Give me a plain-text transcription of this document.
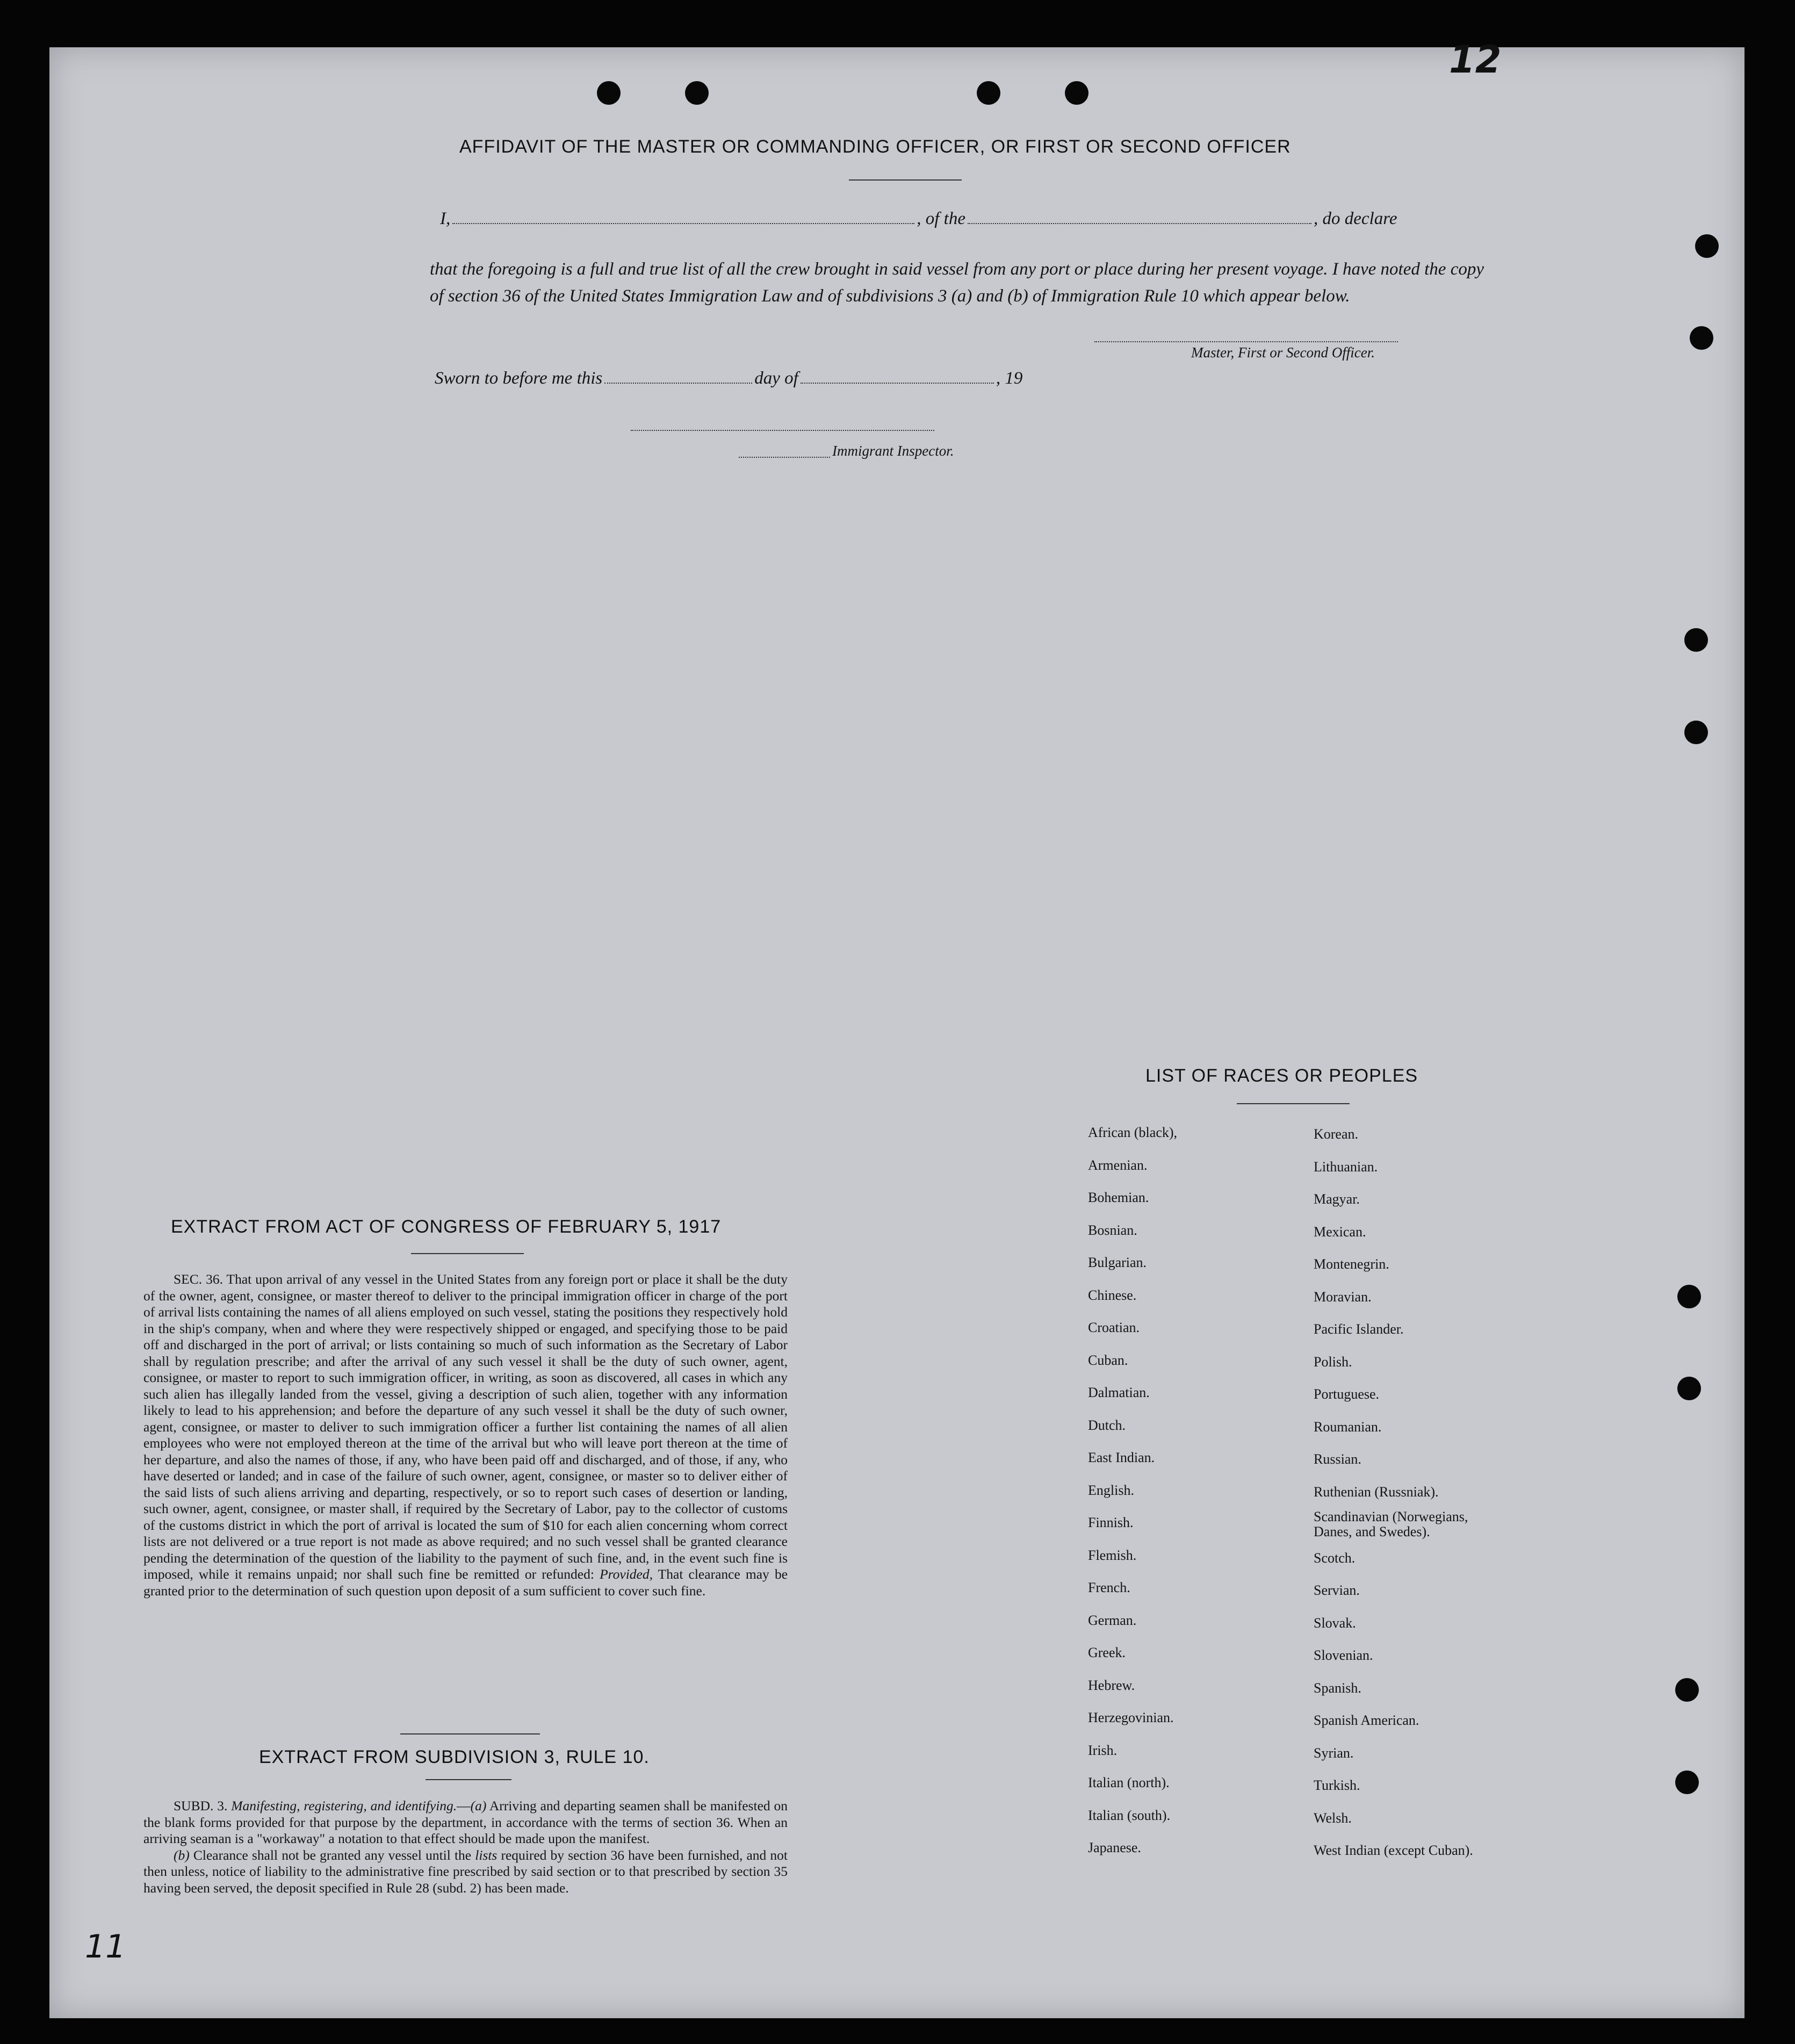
12
11
AFFIDAVIT OF THE MASTER OR COMMANDING OFFICER, OR FIRST OR SECOND OFFICER
I,	, of the	, do declare
that the foregoing is a full and true list of all the crew brought in said vessel from any port or place during her present voyage. I have noted the copy of section 36 of the United States Immigration Law and of subdivisions 3 (a) and (b) of Immigration Rule 10 which appear below.
Master, First or Second Officer.
Sworn to before me this	day of	, 19
Immigrant Inspector.
EXTRACT FROM ACT OF CONGRESS OF FEBRUARY 5, 1917

SEC. 36. That upon arrival of any vessel in the United States from any foreign port or place it shall be the duty of the owner, agent, consignee, or master thereof to deliver to the principal immigration officer in charge of the port of arrival lists containing the names of all aliens employed on such vessel, stating the positions they respectively hold in the ship's company, when and where they were respectively shipped or engaged, and specifying those to be paid off and discharged in the port of arrival; or lists containing so much of such information as the Secretary of Labor shall by regulation prescribe; and after the arrival of any such vessel it shall be the duty of such owner, agent, consignee, or master to report to such immigration officer, in writing, as soon as discovered, all cases in which any such alien has illegally landed from the vessel, giving a description of such alien, together with any information likely to lead to his apprehension; and before the departure of any such vessel it shall be the duty of such owner, agent, consignee, or master to deliver to such immigration officer a further list containing the names of all alien employees who were not employed thereon at the time of the arrival but who will leave port thereon at the time of her departure, and also the names of those, if any, who have been paid off and discharged, and of those, if any, who have deserted or landed; and in case of the failure of such owner, agent, consignee, or master so to deliver either of the said lists of such aliens arriving and departing, respectively, or so to report such cases of desertion or landing, such owner, agent, consignee, or master shall, if required by the Secretary of Labor, pay to the collector of customs of the customs district in which the port of arrival is located the sum of $10 for each alien concerning whom correct lists are not delivered or a true report is not made as above required; and no such vessel shall be granted clearance pending the determination of the question of the liability to the payment of such fine, and, in the event such fine is imposed, while it remains unpaid; nor shall such fine be remitted or refunded: Provided, That clearance may be granted prior to the determination of such question upon deposit of a sum sufficient to cover such fine.

EXTRACT FROM SUBDIVISION 3, RULE 10.

SUBD. 3. Manifesting, registering, and identifying.—(a) Arriving and departing seamen shall be manifested on the blank forms provided for that purpose by the department, in accordance with the terms of section 36. When an arriving seaman is a "workaway" a notation to that effect should be made upon the manifest.

(b) Clearance shall not be granted any vessel until the lists required by section 36 have been furnished, and not then unless, notice of liability to the administrative fine prescribed by said section or to that prescribed by section 35 having been served, the deposit specified in Rule 28 (subd. 2) has been made.

LIST OF RACES OR PEOPLES
African (black),
Armenian.
Bohemian.
Bosnian.
Bulgarian.
Chinese.
Croatian.
Cuban.
Dalmatian.
Dutch.
East Indian.
English.
Finnish.
Flemish.
French.
German.
Greek.
Hebrew.
Herzegovinian.
Irish.
Italian (north).
Italian (south).
Japanese.
Korean.
Lithuanian.
Magyar.
Mexican.
Montenegrin.
Moravian.
Pacific Islander.
Polish.
Portuguese.
Roumanian.
Russian.
Ruthenian (Russniak).
Scandinavian (Norwegians, Danes, and Swedes).
Scotch.
Servian.
Slovak.
Slovenian.
Spanish.
Spanish American.
Syrian.
Turkish.
Welsh.
West Indian (except Cuban).
